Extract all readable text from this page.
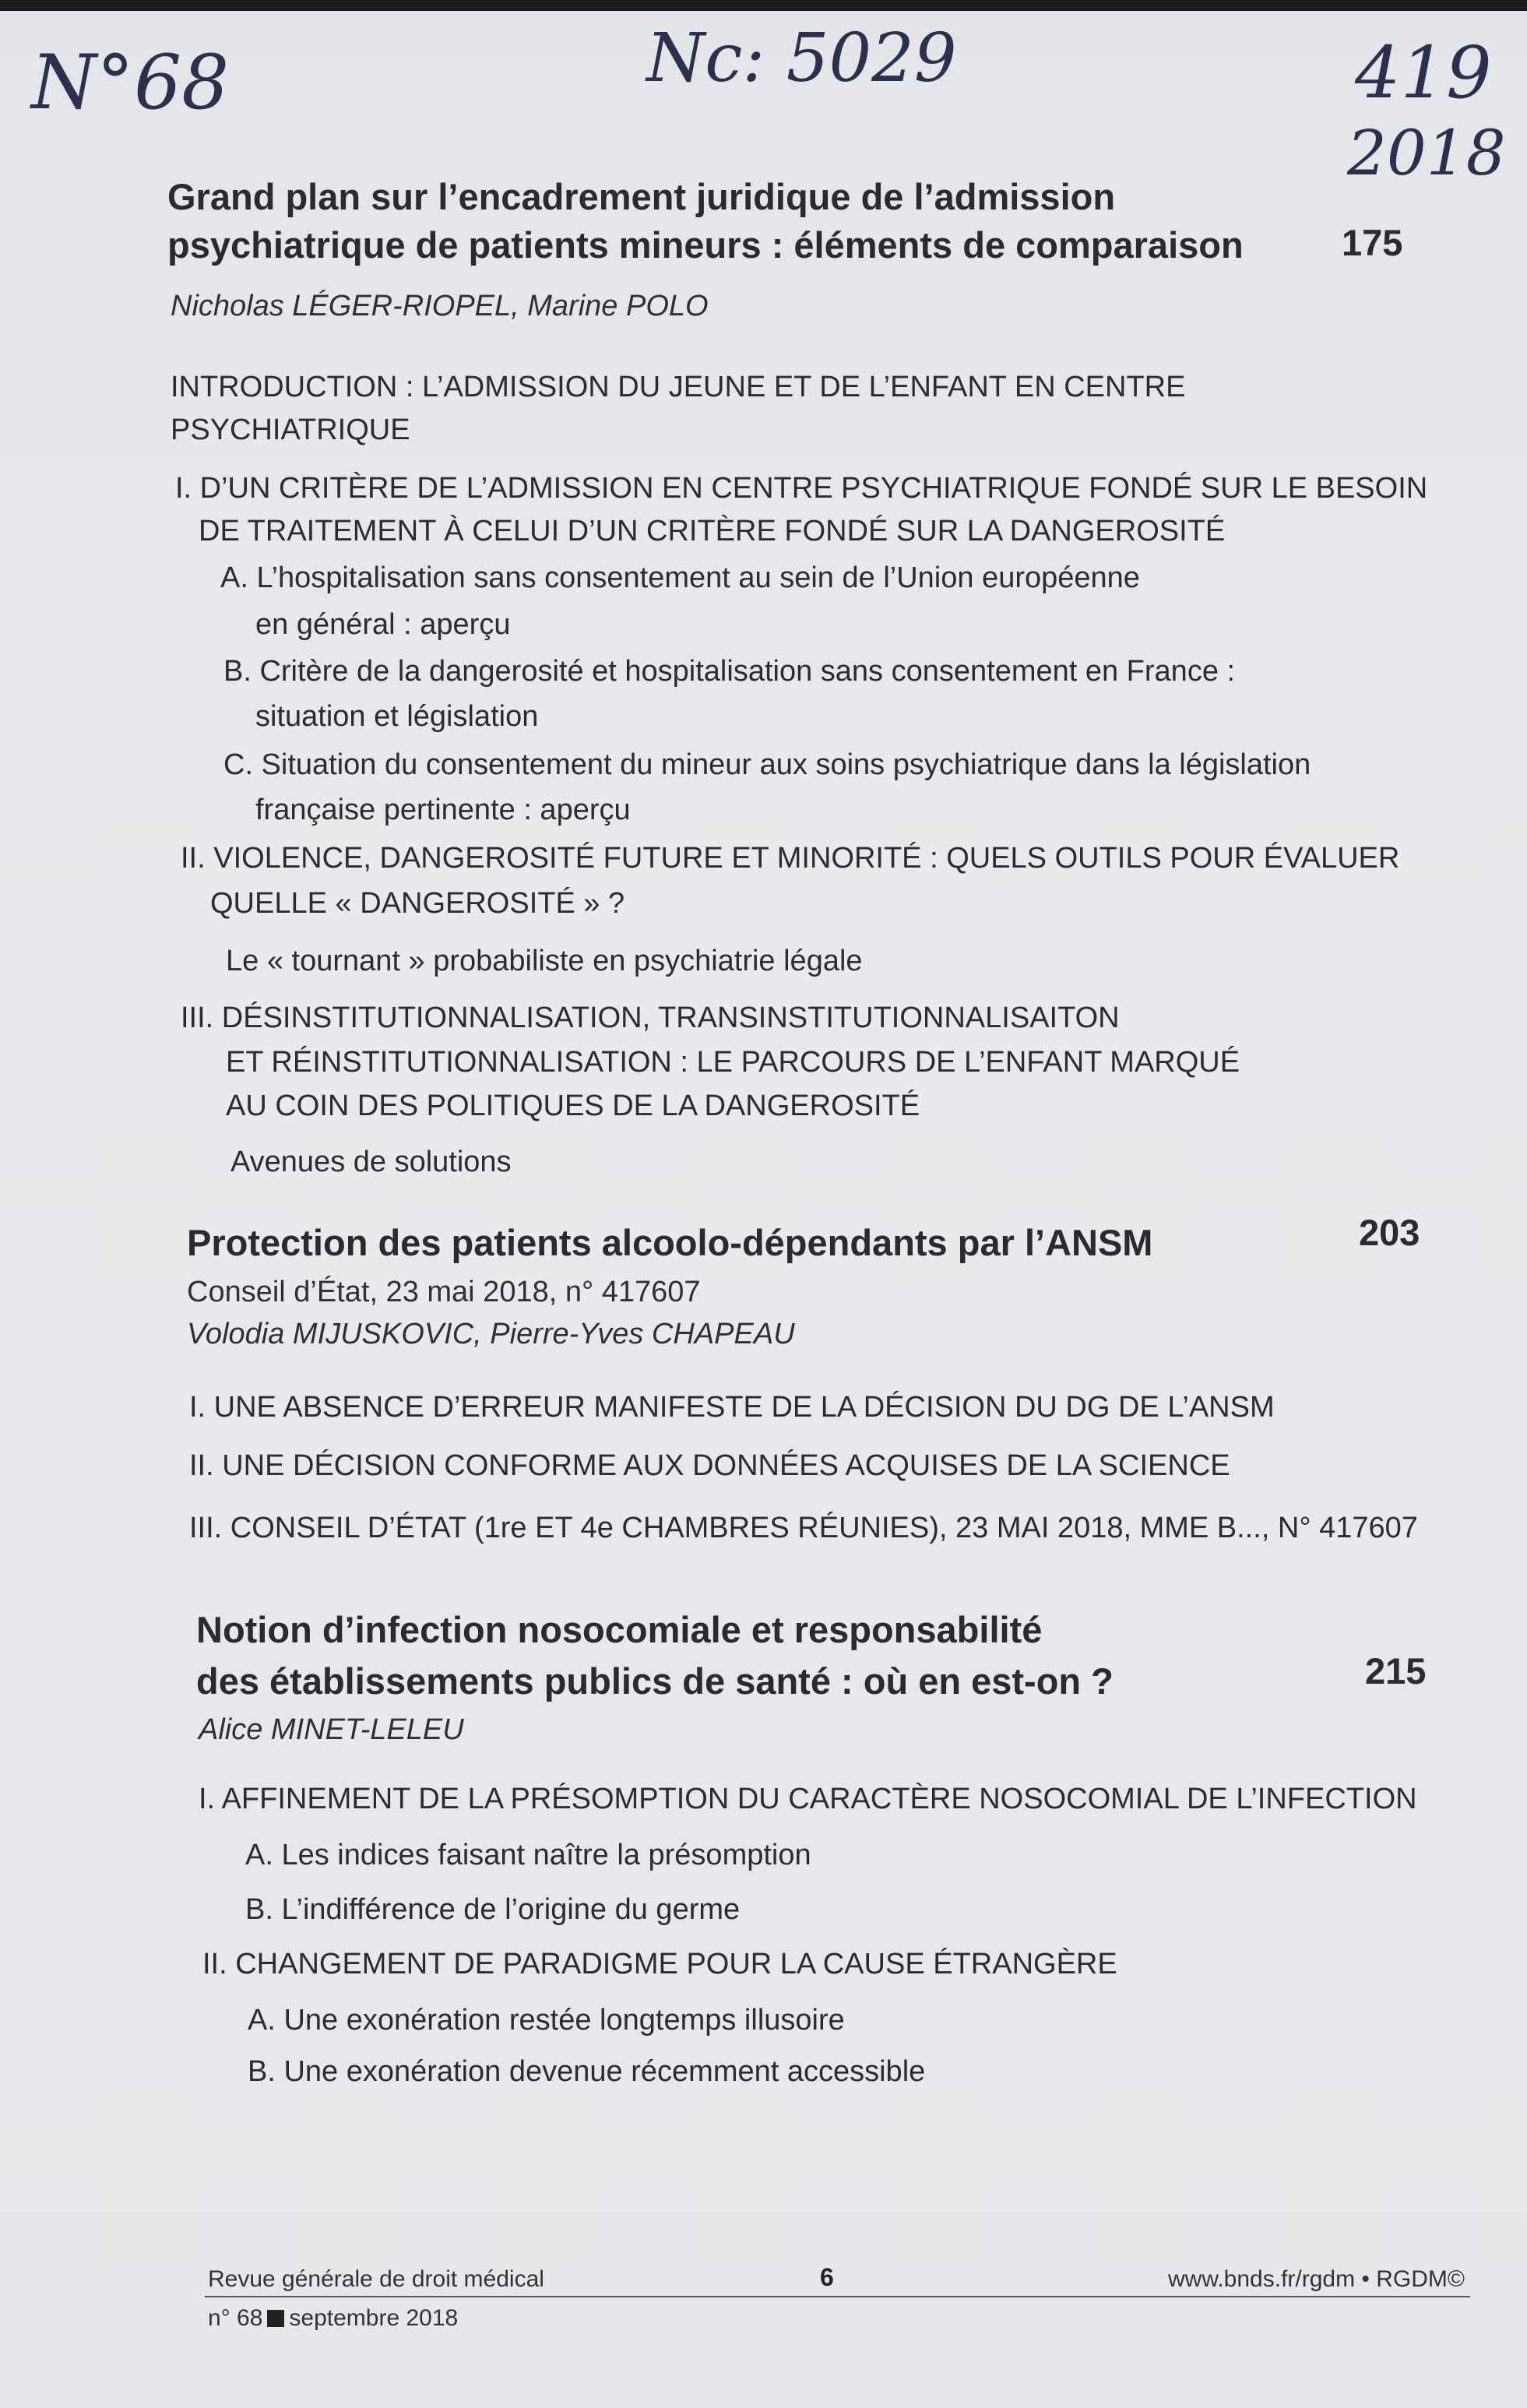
N°68	Nc: 5029	419
2018
Grand plan sur l’encadrement juridique de l’admission
psychiatrique de patients mineurs : éléments de comparaison	175
Nicholas LÉGER-RIOPEL, Marine POLO
INTRODUCTION : L’ADMISSION DU JEUNE ET DE L’ENFANT EN CENTRE
PSYCHIATRIQUE
I. D’UN CRITÈRE DE L’ADMISSION EN CENTRE PSYCHIATRIQUE FONDÉ SUR LE BESOIN
DE TRAITEMENT À CELUI D’UN CRITÈRE FONDÉ SUR LA DANGEROSITÉ
A. L’hospitalisation sans consentement au sein de l’Union européenne
en général : aperçu
B. Critère de la dangerosité et hospitalisation sans consentement en France :
situation et législation
C. Situation du consentement du mineur aux soins psychiatrique dans la législation
française pertinente : aperçu
II. VIOLENCE, DANGEROSITÉ FUTURE ET MINORITÉ : QUELS OUTILS POUR ÉVALUER
QUELLE « DANGEROSITÉ » ?
Le « tournant » probabiliste en psychiatrie légale
III. DÉSINSTITUTIONNALISATION, TRANSINSTITUTIONNALISAITON
ET RÉINSTITUTIONNALISATION : LE PARCOURS DE L’ENFANT MARQUÉ
AU COIN DES POLITIQUES DE LA DANGEROSITÉ
Avenues de solutions
Protection des patients alcoolo-dépendants par l’ANSM	203
Conseil d’État, 23 mai 2018, n° 417607
Volodia MIJUSKOVIC, Pierre-Yves CHAPEAU
I. UNE ABSENCE D’ERREUR MANIFESTE DE LA DÉCISION DU DG DE L’ANSM
II. UNE DÉCISION CONFORME AUX DONNÉES ACQUISES DE LA SCIENCE
III. CONSEIL D’ÉTAT (1re ET 4e CHAMBRES RÉUNIES), 23 MAI 2018, MME B..., N° 417607
Notion d’infection nosocomiale et responsabilité
des établissements publics de santé : où en est-on ?	215
Alice MINET-LELEU
I. AFFINEMENT DE LA PRÉSOMPTION DU CARACTÈRE NOSOCOMIAL DE L’INFECTION
A. Les indices faisant naître la présomption
B. L’indifférence de l’origine du germe
II. CHANGEMENT DE PARADIGME POUR LA CAUSE ÉTRANGÈRE
A. Une exonération restée longtemps illusoire
B. Une exonération devenue récemment accessible
Revue générale de droit médical
n° 68 septembre 2018
6	www.bnds.fr/rgdm • RGDM©
